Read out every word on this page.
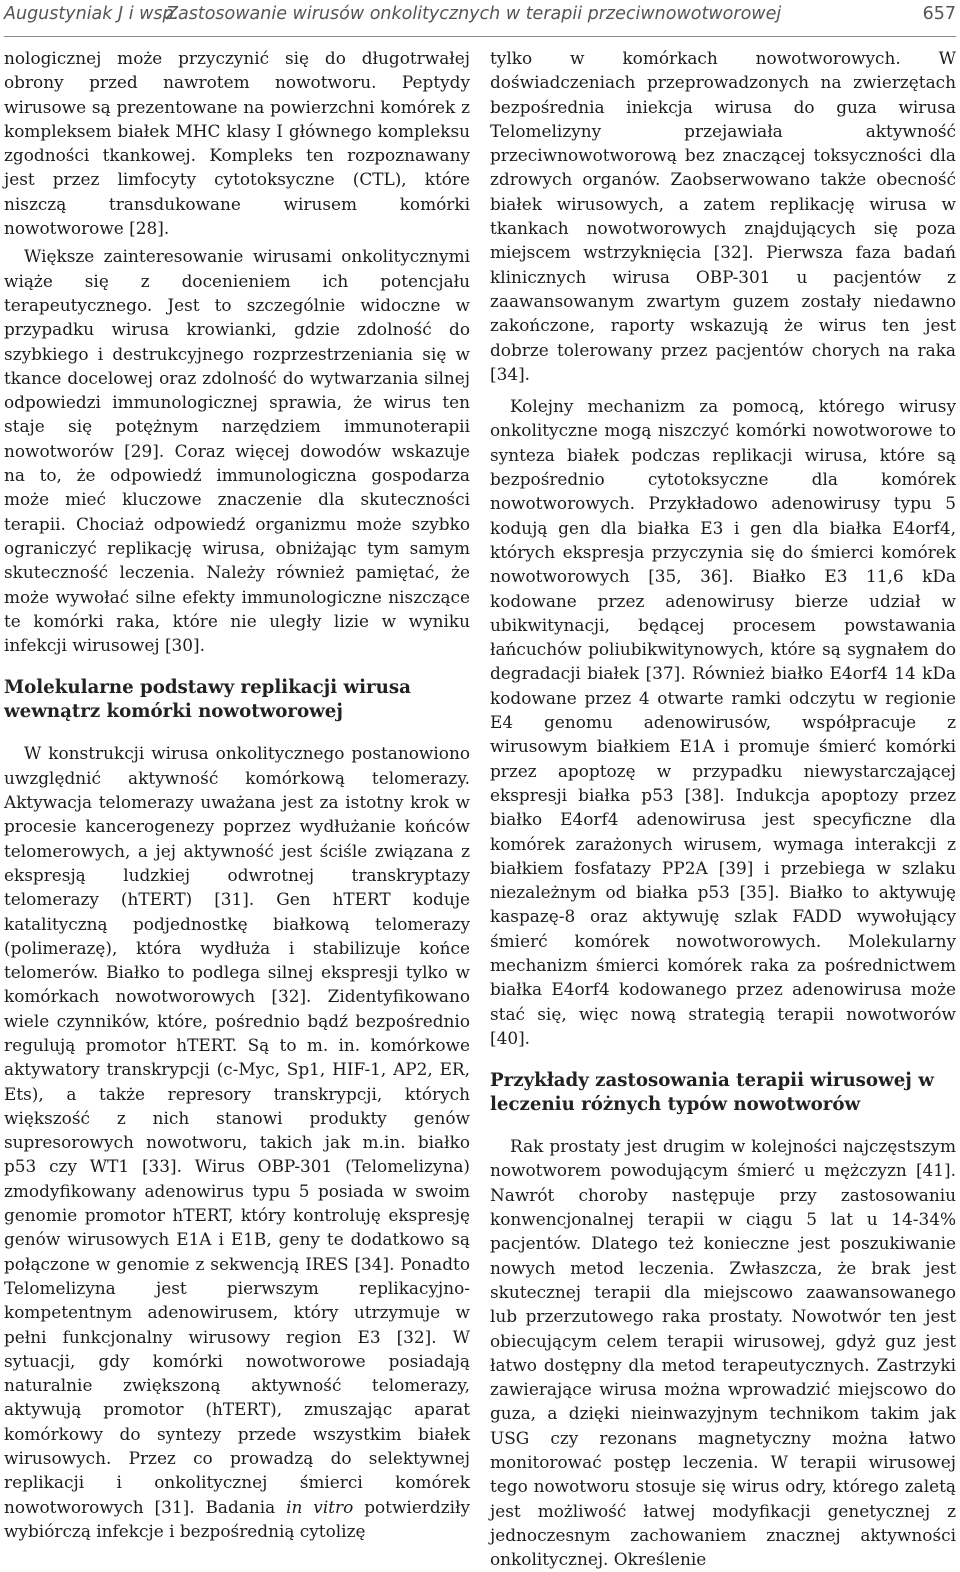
Augustyniak J i wsp.
Zastosowanie wirusów onkolitycznych w terapii przeciwnowotworowej	657

nologicznej może przyczynić się do długotrwałej obrony przed nawrotem nowotworu. Peptydy wirusowe są prezentowane na powierzchni komórek z kompleksem białek MHC klasy I głównego kompleksu zgodności tkankowej. Kompleks ten rozpoznawany jest przez limfocyty cytotoksyczne (CTL), które niszczą transdukowane wirusem komórki nowotworowe [28].

Większe zainteresowanie wirusami onkolitycznymi wiąże się z docenieniem ich potencjału terapeutycznego. Jest to szczególnie widoczne w przypadku wirusa krowianki, gdzie zdolność do szybkiego i destrukcyjnego rozprzestrzeniania się w tkance docelowej oraz zdolność do wytwarzania silnej odpowiedzi immunologicznej sprawia, że wirus ten staje się potężnym narzędziem immunoterapii nowotworów [29]. Coraz więcej dowodów wskazuje na to, że odpowiedź immunologiczna gospodarza może mieć kluczowe znaczenie dla skuteczności terapii. Chociaż odpowiedź organizmu może szybko ograniczyć replikację wirusa, obniżając tym samym skuteczność leczenia. Należy również pamiętać, że może wywołać silne efekty immunologiczne niszczące te komórki raka, które nie uległy lizie w wyniku infekcji wirusowej [30].

Molekularne podstawy replikacji wirusa wewnątrz komórki nowotworowej

W konstrukcji wirusa onkolitycznego postanowiono uwzględnić aktywność komórkową telomerazy. Aktywacja telomerazy uważana jest za istotny krok w procesie kancerogenezy poprzez wydłużanie końców telomerowych, a jej aktywność jest ściśle związana z ekspresją ludzkiej odwrotnej transkryptazy telomerazy (hTERT) [31]. Gen hTERT koduje katalityczną podjednostkę białkową telomerazy (polimerazę), która wydłuża i stabilizuje końce telomerów. Białko to podlega silnej ekspresji tylko w komórkach nowotworowych [32]. Zidentyfikowano wiele czynników, które, pośrednio bądź bezpośrednio regulują promotor hTERT. Są to m. in. komórkowe aktywatory transkrypcji (c-Myc, Sp1, HIF-1, AP2, ER, Ets), a także represory transkrypcji, których większość z nich stanowi produkty genów supresorowych nowotworu, takich jak m.in. białko p53 czy WT1 [33]. Wirus OBP-301 (Telomelizyna) zmodyfikowany adenowirus typu 5 posiada w swoim genomie promotor hTERT, który kontroluję ekspresję genów wirusowych E1A i E1B, geny te dodatkowo są połączone w genomie z sekwencją IRES [34]. Ponadto Telomelizyna jest pierwszym replikacyjno-kompetentnym adenowirusem, który utrzymuje w pełni funkcjonalny wirusowy region E3 [32]. W sytuacji, gdy komórki nowotworowe posiadają naturalnie zwiększoną aktywność telomerazy, aktywują promotor (hTERT), zmuszając aparat komórkowy do syntezy przede wszystkim białek wirusowych. Przez co prowadzą do selektywnej replikacji i onkolitycznej śmierci komórek nowotworowych [31]. Badania in vitro potwierdziły wybiórczą infekcje i bezpośrednią cytolizę

tylko w komórkach nowotworowych. W doświadczeniach przeprowadzonych na zwierzętach bezpośrednia iniekcja wirusa do guza wirusa Telomelizyny przejawiała aktywność przeciwnowotworową bez znaczącej toksyczności dla zdrowych organów. Zaobserwowano także obecność białek wirusowych, a zatem replikację wirusa w tkankach nowotworowych znajdujących się poza miejscem wstrzyknięcia [32]. Pierwsza faza badań klinicznych wirusa OBP-301 u pacjentów z zaawansowanym zwartym guzem zostały niedawno zakończone, raporty wskazują że wirus ten jest dobrze tolerowany przez pacjentów chorych na raka [34].

Kolejny mechanizm za pomocą, którego wirusy onkolityczne mogą niszczyć komórki nowotworowe to synteza białek podczas replikacji wirusa, które są bezpośrednio cytotoksyczne dla komórek nowotworowych. Przykładowo adenowirusy typu 5 kodują gen dla białka E3 i gen dla białka E4orf4, których ekspresja przyczynia się do śmierci komórek nowotworowych [35, 36]. Białko E3 11,6 kDa kodowane przez adenowirusy bierze udział w ubikwitynacji, będącej procesem powstawania łańcuchów poliubikwitynowych, które są sygnałem do degradacji białek [37]. Również białko E4orf4 14 kDa kodowane przez 4 otwarte ramki odczytu w regionie E4 genomu adenowirusów, współpracuje z wirusowym białkiem E1A i promuje śmierć komórki przez apoptozę w przypadku niewystarczającej ekspresji białka p53 [38]. Indukcja apoptozy przez białko E4orf4 adenowirusa jest specyficzne dla komórek zarażonych wirusem, wymaga interakcji z białkiem fosfatazy PP2A [39] i przebiega w szlaku niezależnym od białka p53 [35]. Białko to aktywuję kaspazę-8 oraz aktywuję szlak FADD wywołujący śmierć komórek nowotworowych. Molekularny mechanizm śmierci komórek raka za pośrednictwem białka E4orf4 kodowanego przez adenowirusa może stać się, więc nową strategią terapii nowotworów [40].

Przykłady zastosowania terapii wirusowej w leczeniu różnych typów nowotworów

Rak prostaty jest drugim w kolejności najczęstszym nowotworem powodującym śmierć u mężczyzn [41]. Nawrót choroby następuje przy zastosowaniu konwencjonalnej terapii w ciągu 5 lat u 14-34% pacjentów. Dlatego też konieczne jest poszukiwanie nowych metod leczenia. Zwłaszcza, że brak jest skutecznej terapii dla miejscowo zaawansowanego lub przerzutowego raka prostaty. Nowotwór ten jest obiecującym celem terapii wirusowej, gdyż guz jest łatwo dostępny dla metod terapeutycznych. Zastrzyki zawierające wirusa można wprowadzić miejscowo do guza, a dzięki nieinwazyjnym technikom takim jak USG czy rezonans magnetyczny można łatwo monitorować postęp leczenia. W terapii wirusowej tego nowotworu stosuje się wirus odry, którego zaletą jest możliwość łatwej modyfikacji genetycznej z jednoczesnym zachowaniem znacznej aktywności onkolitycznej. Określenie
